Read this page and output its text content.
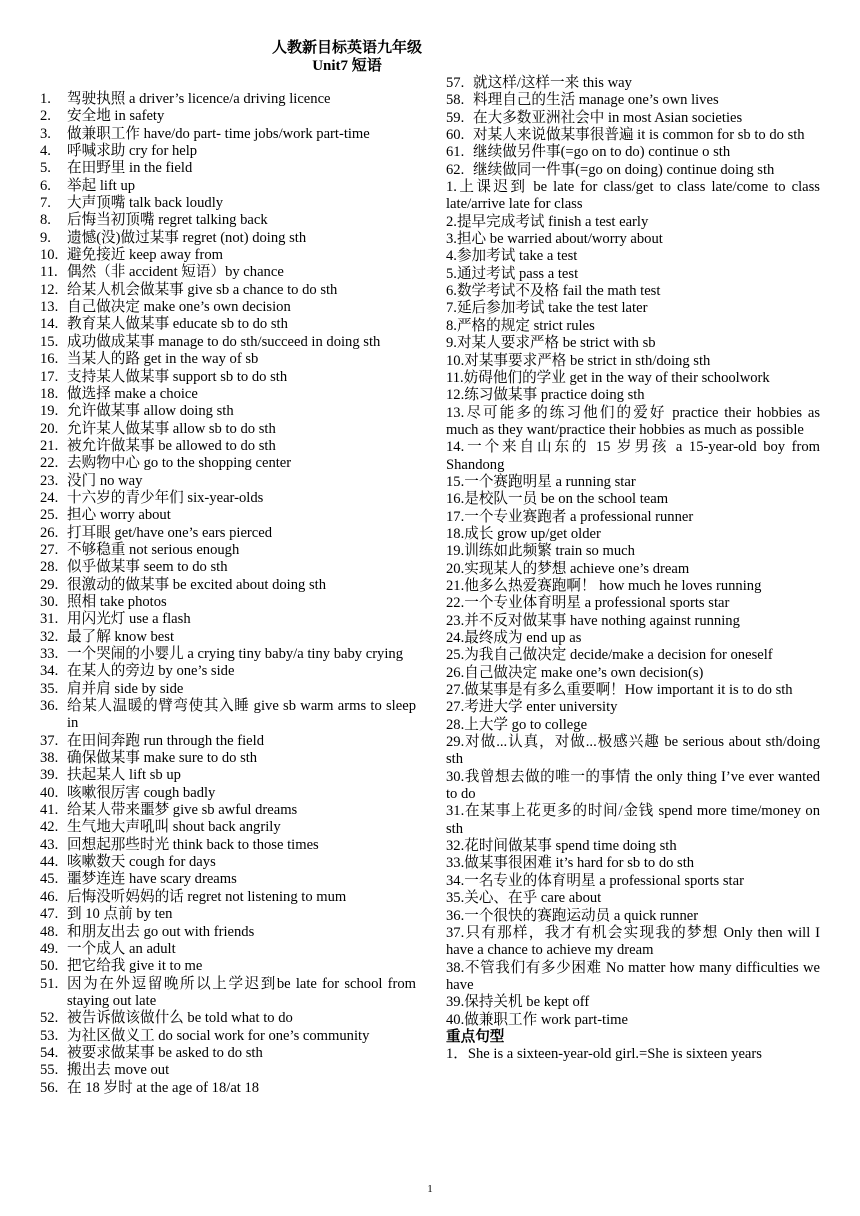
人教新目标英语九年级
Unit7 短语
1.	驾驶执照 a driver’s licence/a driving licence
2.	安全地 in safety
3.	做兼职工作 have/do part- time jobs/work part-time
4.	呼喊求助 cry for help
5.	在田野里 in the field
6.	举起 lift up
7.	大声顶嘴 talk back loudly
8.	后悔当初顶嘴 regret talking back
9.	遗憾(没)做过某事 regret (not) doing sth
10. 避免接近 keep away from
11. 偶然（非 accident 短语）by chance
12. 给某人机会做某事 give sb a chance to do sth
13. 自己做决定 make one’s own decision
14. 教育某人做某事 educate sb to do sth
15. 成功做成某事 manage to do sth/succeed in doing sth
16. 当某人的路 get in the way of sb
17. 支持某人做某事 support sb to do sth
18. 做选择 make a choice
19. 允许做某事 allow doing sth
20. 允许某人做某事 allow sb to do sth
21. 被允许做某事 be allowed to do sth
22. 去购物中心 go to the shopping center
23. 没门 no way
24. 十六岁的青少年们 six-year-olds
25. 担心 worry about
26. 打耳眼 get/have one’s ears pierced
27. 不够稳重 not serious enough
28. 似乎做某事 seem to do sth
29. 很激动的做某事 be excited about doing sth
30. 照相 take photos
31. 用闪光灯 use a flash
32. 最了解 know best
33. 一个哭闹的小婴儿 a crying tiny baby/a tiny baby crying
34. 在某人的旁边 by one’s side
35. 肩并肩 side by side
36. 给某人温暖的臂弯使其入睡 give sb warm arms to sleep in
37. 在田间奔跑 run through the field
38. 确保做某事 make sure to do sth
39. 扶起某人 lift sb up
40. 咳嗽很厉害 cough badly
41. 给某人带来噩梦 give sb awful dreams
42. 生气地大声吼叫 shout back angrily
43. 回想起那些时光 think back to those times
44. 咳嗽数天 cough for days
45. 噩梦连连 have scary dreams
46. 后悔没听妈妈的话 regret not listening to mum
47. 到 10 点前 by ten
48. 和朋友出去 go out with friends
49. 一个成人 an adult
50. 把它给我 give it to me
51. 因为在外逗留晚所以上学迟到be late for school from staying out late
52. 被告诉做该做什么 be told what to do
53. 为社区做义工 do social work for one’s community
54. 被要求做某事 be asked to do sth
55. 搬出去 move out
56. 在 18 岁时 at the age of 18/at 18
57. 就这样/这样一来 this way
58. 料理自己的生活 manage one’s own lives
59. 在大多数亚洲社会中 in most Asian societies
60. 对某人来说做某事很普遍 it is common for sb to do sth
61. 继续做另件事(=go on to do) continue o sth
62. 继续做同一件事(=go on doing) continue doing sth
1.上课迟到 be late for class/get to class late/come to class late/arrive late for class
2.提早完成考试 finish a test early
3.担心 be warried about/worry about
4.参加考试 take a test
5.通过考试 pass a test
6.数学考试不及格 fail the math test
7.延后参加考试 take the test later
8.严格的规定 strict rules
9.对某人要求严格 be strict with sb
10.对某事要求严格 be strict in sth/doing sth
11.妨碍他们的学业 get in the way of their schoolwork
12.练习做某事 practice doing sth
13.尽可能多的练习他们的爱好 practice their hobbies as much as they want/practice their hobbies as much as possible
14.一个来自山东的 15 岁男孩 a 15-year-old boy from Shandong
15.一个赛跑明星 a running star
16.是校队一员 be on the school team
17.一个专业赛跑者 a professional runner
18.成长 grow up/get older
19.训练如此频繁 train so much
20.实现某人的梦想 achieve one’s dream
21.他多么热爱赛跑啊！ how much he loves running
22.一个专业体育明星 a professional sports star
23.并不反对做某事 have nothing against running
24.最终成为 end up as
25.为我自己做决定 decide/make a decision for oneself
26.自己做决定 make one’s own decision(s)
27.做某事是有多么重要啊！How important it is to do sth
27.考进大学 enter university
28.上大学 go to college
29.对做...认真，对做...极感兴趣 be serious about sth/doing sth
30.我曾想去做的唯一的事情 the only thing I’ve ever wanted to do
31.在某事上花更多的时间/金钱 spend more time/money on sth
32.花时间做某事 spend time doing sth
33.做某事很困难 it’s hard for sb to do sth
34.一名专业的体育明星 a professional sports star
35.关心、在乎 care about
36.一个很快的赛跑运动员 a quick runner
37.只有那样，我才有机会实现我的梦想 Only then will I have a chance to achieve my dream
38.不管我们有多少困难 No matter how many difficulties we have
39.保持关机 be kept off
40.做兼职工作 work part-time
重点句型
1．She is a sixteen-year-old girl.=She is sixteen years
1
